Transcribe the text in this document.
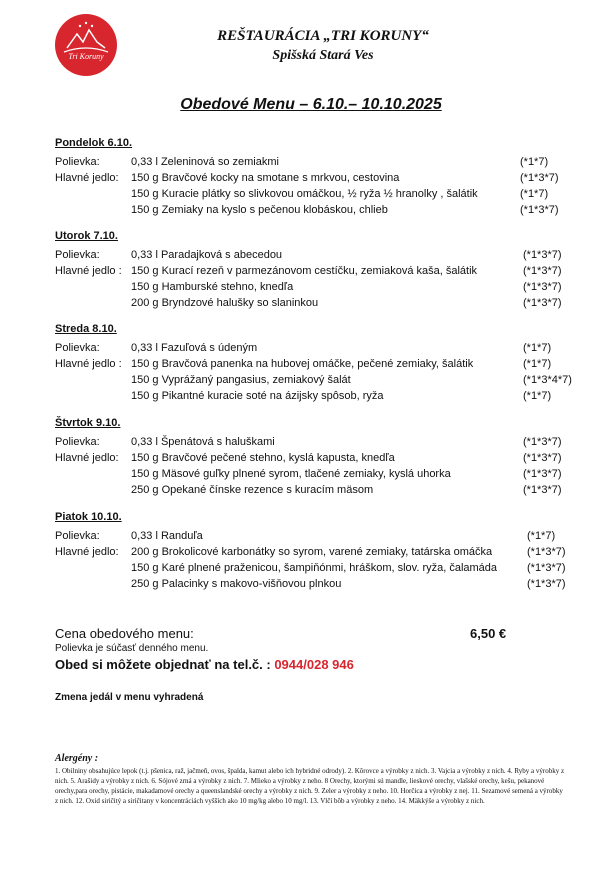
Tri Koruny
REŠTAURÁCIA „TRI KORUNY“
Spišská Stará Ves
Obedové Menu – 6.10.– 10.10.2025
Pondelok 6.10.
Polievka:	0,33 l Zeleninová so zemiakmi	(*1*7)
Hlavné jedlo: 150 g Bravčové kocky na smotane s mrkvou, cestovina	(*1*3*7)
150 g Kuracie plátky so slivkovou omáčkou, ½ ryža ½ hranolky , šalátik	(*1*7)
150 g Zemiaky na kyslo s pečenou klobáskou, chlieb	(*1*3*7)
Utorok 7.10.
Polievka:	0,33 l Paradajková s abecedou	(*1*3*7)
Hlavné jedlo : 150 g Kurací rezeň v parmezánovom cestíčku, zemiaková kaša, šalátik	(*1*3*7)
150 g Hamburské stehno, knedľa	(*1*3*7)
200 g Bryndzové halušky so slaninkou	(*1*3*7)
Streda 8.10.
Polievka:	0,33 l Fazuľová s údeným	(*1*7)
Hlavné jedlo : 150 g Bravčová panenka na hubovej omáčke, pečené zemiaky, šalátik	(*1*7)
150 g Vyprážaný pangasius, zemiakový šalát	(*1*3*4*7)
150 g Pikantné kuracie soté na ázijsky spôsob, ryža	(*1*7)
Štvrtok 9.10.
Polievka:	0,33 l Špenátová s haluškami	(*1*3*7)
Hlavné jedlo: 150 g Bravčové pečené stehno, kyslá kapusta, knedľa	(*1*3*7)
150 g Mäsové guľky plnené syrom, tlačené zemiaky, kyslá uhorka	(*1*3*7)
250 g Opekané čínske rezence s kuracím mäsom	(*1*3*7)
Piatok 10.10.
Polievka:	0,33 l Randuľa	(*1*7)
Hlavné jedlo: 200 g Brokolicové karbonátky so syrom, varené zemiaky, tatárska omáčka	(*1*3*7)
150 g Karé plnené praženicou, šampiňónmi, hráškom, slov. ryža, čalamáda	(*1*3*7)
250 g Palacinky s makovo-višňovou plnkou	(*1*3*7)
Cena obedového menu:	6,50 €
Polievka je súčasť denného menu.
Obed si môžete objednať na tel.č. : 0944/028 946
Zmena jedál v menu vyhradená
Alergény :
1. Obilniny obsahujúce lepok (t.j. pšenica, raž, jačmeň, ovos, špalda, kamut alebo ich hybridné odrody). 2. Kôrovce a výrobky z nich. 3. Vajcia a výrobky z nich. 4. Ryby a výrobky z nich. 5. Arašidy a výrobky z nich. 6. Sójové zrná a výrobky z nich. 7. Mlieko a výrobky z neho. 8 Orechy, ktorými sú mandle, lieskové orechy, vlašské orechy, kešu, pekanové orechy,para orechy, pistácie, makadamové orechy a queenslandské orechy a výrobky z nich. 9. Zeler a výrobky z neho. 10. Horčica a výrobky z nej. 11. Sezamové semená a výrobky z nich. 12. Oxid siričitý a siričitany v koncentráciách vyšších ako 10 mg/kg alebo 10 mg/l. 13. Vlčí bôb a výrobky z neho. 14. Mäkkýše a výrobky z nich.
